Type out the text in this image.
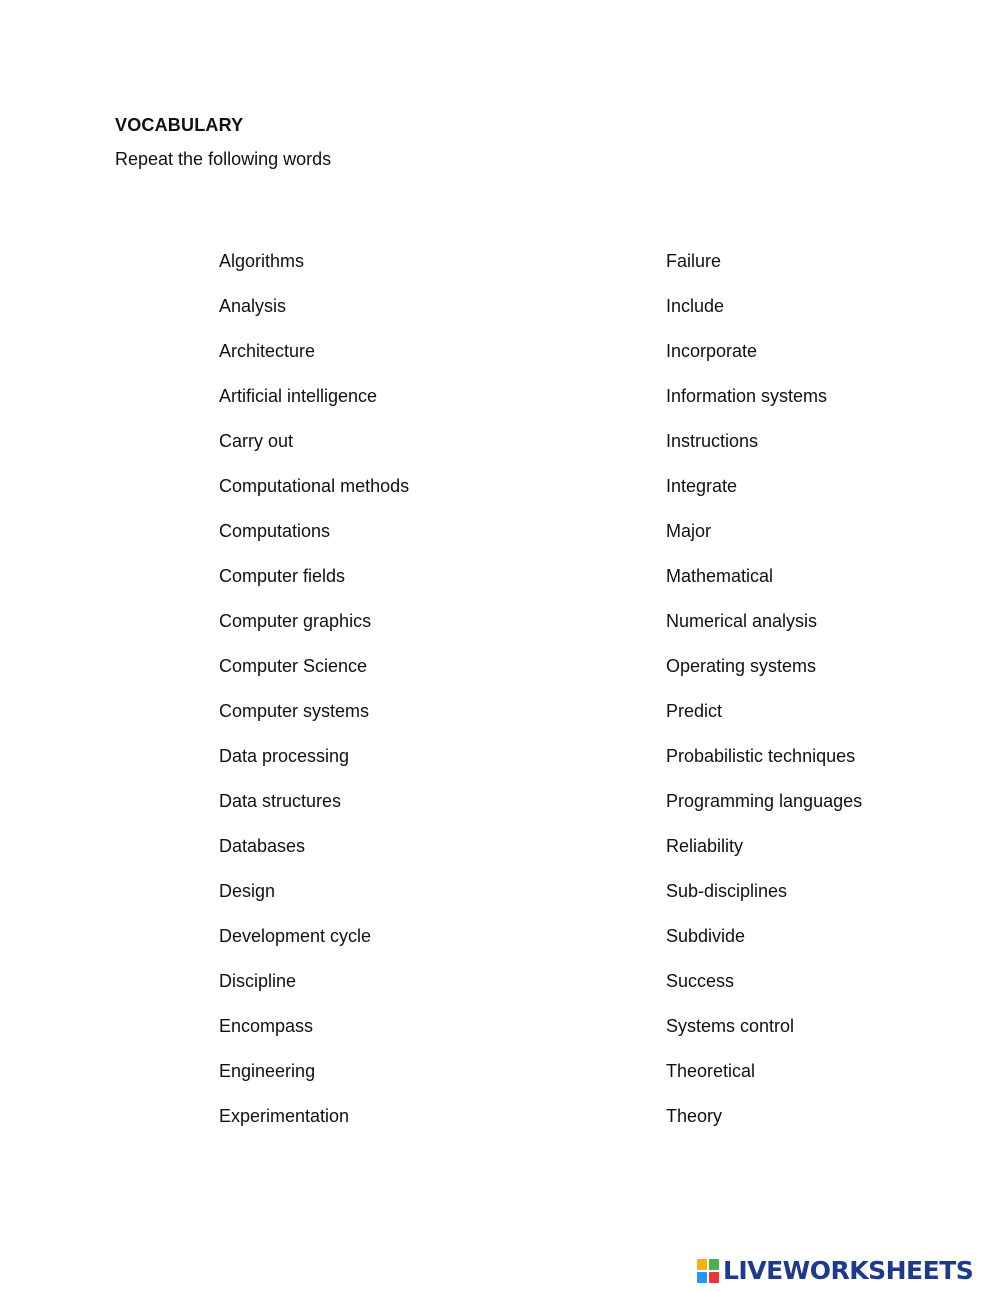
VOCABULARY
Repeat the following words
Algorithms
Analysis
Architecture
Artificial intelligence
Carry out
Computational methods
Computations
Computer fields
Computer graphics
Computer Science
Computer systems
Data processing
Data structures
Databases
Design
Development cycle
Discipline
Encompass
Engineering
Experimentation
Failure
Include
Incorporate
Information systems
Instructions
Integrate
Major
Mathematical
Numerical analysis
Operating systems
Predict
Probabilistic techniques
Programming languages
Reliability
Sub-disciplines
Subdivide
Success
Systems control
Theoretical
Theory
LIVEWORKSHEETS
